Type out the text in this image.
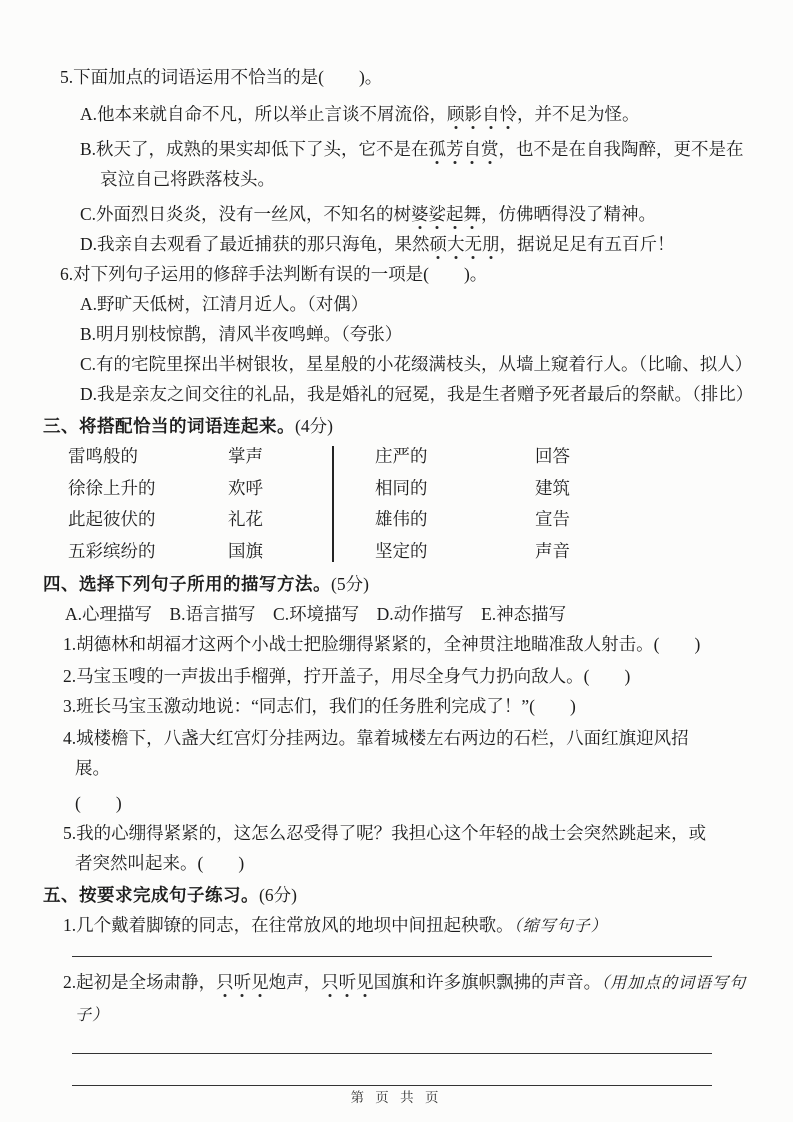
5.下面加点的词语运用不恰当的是(　　)。
A.他本来就自命不凡，所以举止言谈不屑流俗，顾影自怜，并不足为怪。
B.秋天了，成熟的果实却低下了头，它不是在孤芳自赏，也不是在自我陶醉，更不是在哀泣自己将跌落枝头。
C.外面烈日炎炎，没有一丝风，不知名的树婆娑起舞，仿佛晒得没了精神。
D.我亲自去观看了最近捕获的那只海龟，果然硕大无朋，据说足足有五百斤！
6.对下列句子运用的修辞手法判断有误的一项是(　　)。
A.野旷天低树，江清月近人。（对偶）
B.明月别枝惊鹊，清风半夜鸣蝉。（夸张）
C.有的宅院里探出半树银妆，星星般的小花缀满枝头，从墙上窥着行人。（比喻、拟人）
D.我是亲友之间交往的礼品，我是婚礼的冠冕，我是生者赠予死者最后的祭献。（排比）
三、将搭配恰当的词语连起来。(4分)
雷鸣般的	掌声	庄严的	回答
徐徐上升的	欢呼	相同的	建筑
此起彼伏的	礼花	雄伟的	宣告
五彩缤纷的	国旗	坚定的	声音
四、选择下列句子所用的描写方法。(5分)
A.心理描写　B.语言描写　C.环境描写　D.动作描写　E.神态描写
1.胡德林和胡福才这两个小战士把脸绷得紧紧的，全神贯注地瞄准敌人射击。(　　)
2.马宝玉嗖的一声拔出手榴弹，拧开盖子，用尽全身气力扔向敌人。(　　)
3.班长马宝玉激动地说：“同志们，我们的任务胜利完成了！”(　　)
4.城楼檐下，八盏大红宫灯分挂两边。靠着城楼左右两边的石栏，八面红旗迎风招展。
(　　)
5.我的心绷得紧紧的，这怎么忍受得了呢？我担心这个年轻的战士会突然跳起来，或者突然叫起来。(　　)
五、按要求完成句子练习。(6分)
1.几个戴着脚镣的同志，在往常放风的地坝中间扭起秧歌。（缩写句子）
2.起初是全场肃静，只听见炮声，只听见国旗和许多旗帜飘拂的声音。（用加点的词语写句子）
第 页 共 页
